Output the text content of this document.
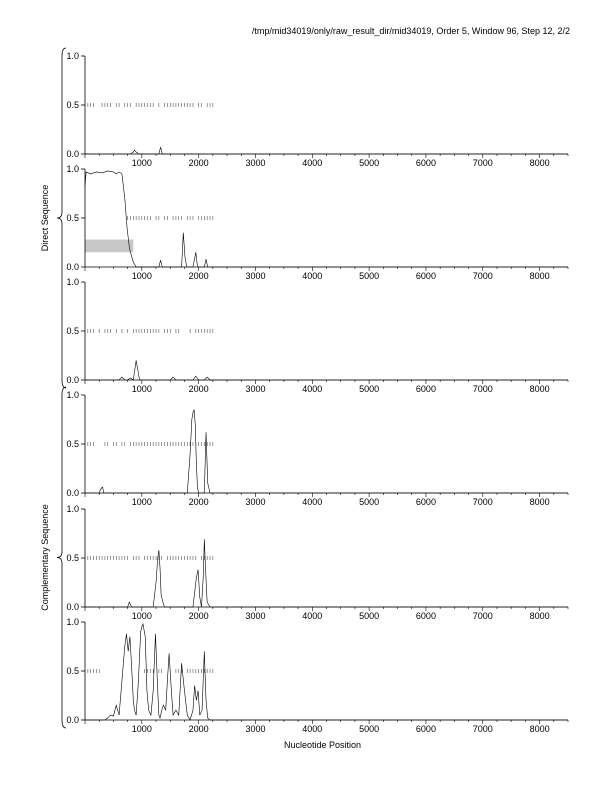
/tmp/mid34019/only/raw_result_dir/mid34019, Order 5, Window 96, Step 12, 2/2
0.0
0.5
1.0
1000	2000	3000	4000	5000	6000	7000	8000
0.0
0.5
1.0
1000	2000	3000	4000	5000	6000	7000	8000
0.0
0.5
1.0
1000	2000	3000	4000	5000	6000	7000	8000
0.0
0.5
1.0
1000	2000	3000	4000	5000	6000	7000	8000
0.0
0.5
1.0
1000	2000	3000	4000	5000	6000	7000	8000
0.0
0.5
1.0
1000	2000	3000	4000	5000	6000	7000	8000
Direct Sequence
Complementary Sequence
Nucleotide Position
